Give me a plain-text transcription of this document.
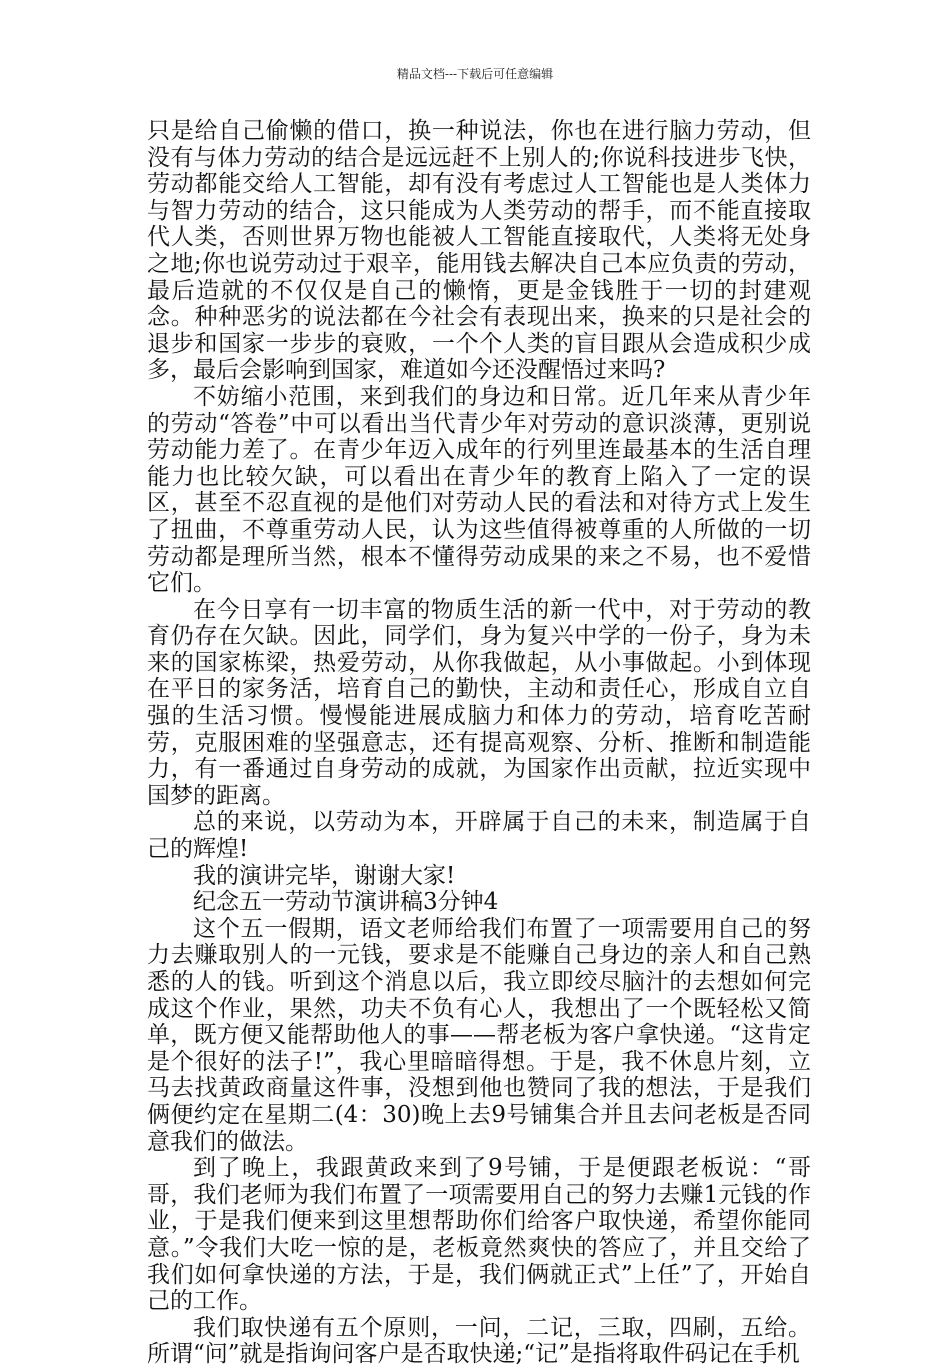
精品文档---下载后可任意编辑

只是给自己偷懒的借口，换一种说法，你也在进行脑力劳动，但没有与体力劳动的结合是远远赶不上别人的;你说科技进步飞快，劳动都能交给人工智能，却有没有考虑过人工智能也是人类体力与智力劳动的结合，这只能成为人类劳动的帮手，而不能直接取代人类，否则世界万物也能被人工智能直接取代，人类将无处身之地;你也说劳动过于艰辛，能用钱去解决自己本应负责的劳动，最后造就的不仅仅是自己的懒惰，更是金钱胜于一切的封建观念。种种恶劣的说法都在今社会有表现出来，换来的只是社会的退步和国家一步步的衰败，一个个人类的盲目跟从会造成积少成多，最后会影响到国家，难道如今还没醒悟过来吗?

不妨缩小范围，来到我们的身边和日常。近几年来从青少年的劳动“答卷”中可以看出当代青少年对劳动的意识淡薄，更别说劳动能力差了。在青少年迈入成年的行列里连最基本的生活自理能力也比较欠缺，可以看出在青少年的教育上陷入了一定的误区，甚至不忍直视的是他们对劳动人民的看法和对待方式上发生了扭曲，不尊重劳动人民，认为这些值得被尊重的人所做的一切劳动都是理所当然，根本不懂得劳动成果的来之不易，也不爱惜它们。

在今日享有一切丰富的物质生活的新一代中，对于劳动的教育仍存在欠缺。因此，同学们，身为复兴中学的一份子，身为未来的国家栋梁，热爱劳动，从你我做起，从小事做起。小到体现在平日的家务活，培育自己的勤快，主动和责任心，形成自立自强的生活习惯。慢慢能进展成脑力和体力的劳动，培育吃苦耐劳，克服困难的坚强意志，还有提高观察、分析、推断和制造能力，有一番通过自身劳动的成就，为国家作出贡献，拉近实现中国梦的距离。

总的来说，以劳动为本，开辟属于自己的未来，制造属于自己的辉煌!

我的演讲完毕，谢谢大家!

纪念五一劳动节演讲稿3分钟4

这个五一假期，语文老师给我们布置了一项需要用自己的努力去赚取别人的一元钱，要求是不能赚自己身边的亲人和自己熟悉的人的钱。听到这个消息以后，我立即绞尽脑汁的去想如何完成这个作业，果然，功夫不负有心人，我想出了一个既轻松又简单，既方便又能帮助他人的事——帮老板为客户拿快递。“这肯定是个很好的法子!”，我心里暗暗得想。于是，我不休息片刻，立马去找黄政商量这件事，没想到他也赞同了我的想法，于是我们俩便约定在星期二(4：30)晚上去9号铺集合并且去问老板是否同意我们的做法。

到了晚上，我跟黄政来到了9号铺，于是便跟老板说：“哥哥，我们老师为我们布置了一项需要用自己的努力去赚1元钱的作业，于是我们便来到这里想帮助你们给客户取快递，希望你能同意。”令我们大吃一惊的是，老板竟然爽快的答应了，并且交给了我们如何拿快递的方法，于是，我们俩就正式”上任”了，开始自己的工作。

我们取快递有五个原则，一问，二记，三取，四刷，五给。所谓“问”就是指询问客户是否取快递;“记”是指将取件码记在手机
